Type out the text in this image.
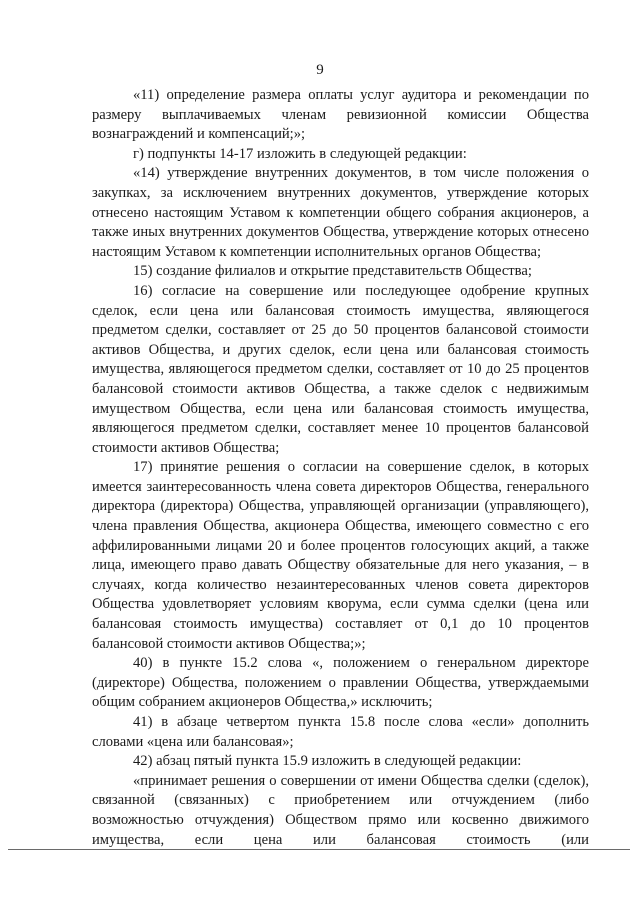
9

«11) определение размера оплаты услуг аудитора и рекомендации по размеру выплачиваемых членам ревизионной комиссии Общества вознаграждений и компенсаций;»;

г) подпункты 14-17 изложить в следующей редакции:

«14) утверждение внутренних документов, в том числе положения о закупках, за исключением внутренних документов, утверждение которых отнесено настоящим Уставом к компетенции общего собрания акционеров, а также иных внутренних документов Общества, утверждение которых отнесено настоящим Уставом к компетенции исполнительных органов Общества;

15) создание филиалов и открытие представительств Общества;

16) согласие на совершение или последующее одобрение крупных сделок, если цена или балансовая стоимость имущества, являющегося предметом сделки, составляет от 25 до 50 процентов балансовой стоимости активов Общества, и других сделок, если цена или балансовая стоимость имущества, являющегося предметом сделки, составляет от 10 до 25 процентов балансовой стоимости активов Общества, а также сделок с недвижимым имуществом Общества, если цена или балансовая стоимость имущества, являющегося предметом сделки, составляет менее 10 процентов балансовой стоимости активов Общества;

17) принятие решения о согласии на совершение сделок, в которых имеется заинтересованность члена совета директоров Общества, генерального директора (директора) Общества, управляющей организации (управляющего), члена правления Общества, акционера Общества, имеющего совместно с его аффилированными лицами 20 и более процентов голосующих акций, а также лица, имеющего право давать Обществу обязательные для него указания, – в случаях, когда количество незаинтересованных членов совета директоров Общества удовлетворяет условиям кворума, если сумма сделки (цена или балансовая стоимость имущества) составляет от 0,1 до 10 процентов балансовой стоимости активов Общества;»;

40) в пункте 15.2 слова «, положением о генеральном директоре (директоре) Общества, положением о правлении Общества, утверждаемыми общим собранием акционеров Общества,» исключить;

41) в абзаце четвертом пункта 15.8 после слова «если» дополнить словами «цена или балансовая»;

42) абзац пятый пункта 15.9 изложить в следующей редакции:

«принимает решения о совершении от имени Общества сделки (сделок), связанной (связанных) с приобретением или отчуждением (либо возможностью отчуждения) Обществом прямо или косвенно движимого имущества, если цена или балансовая стоимость (или
